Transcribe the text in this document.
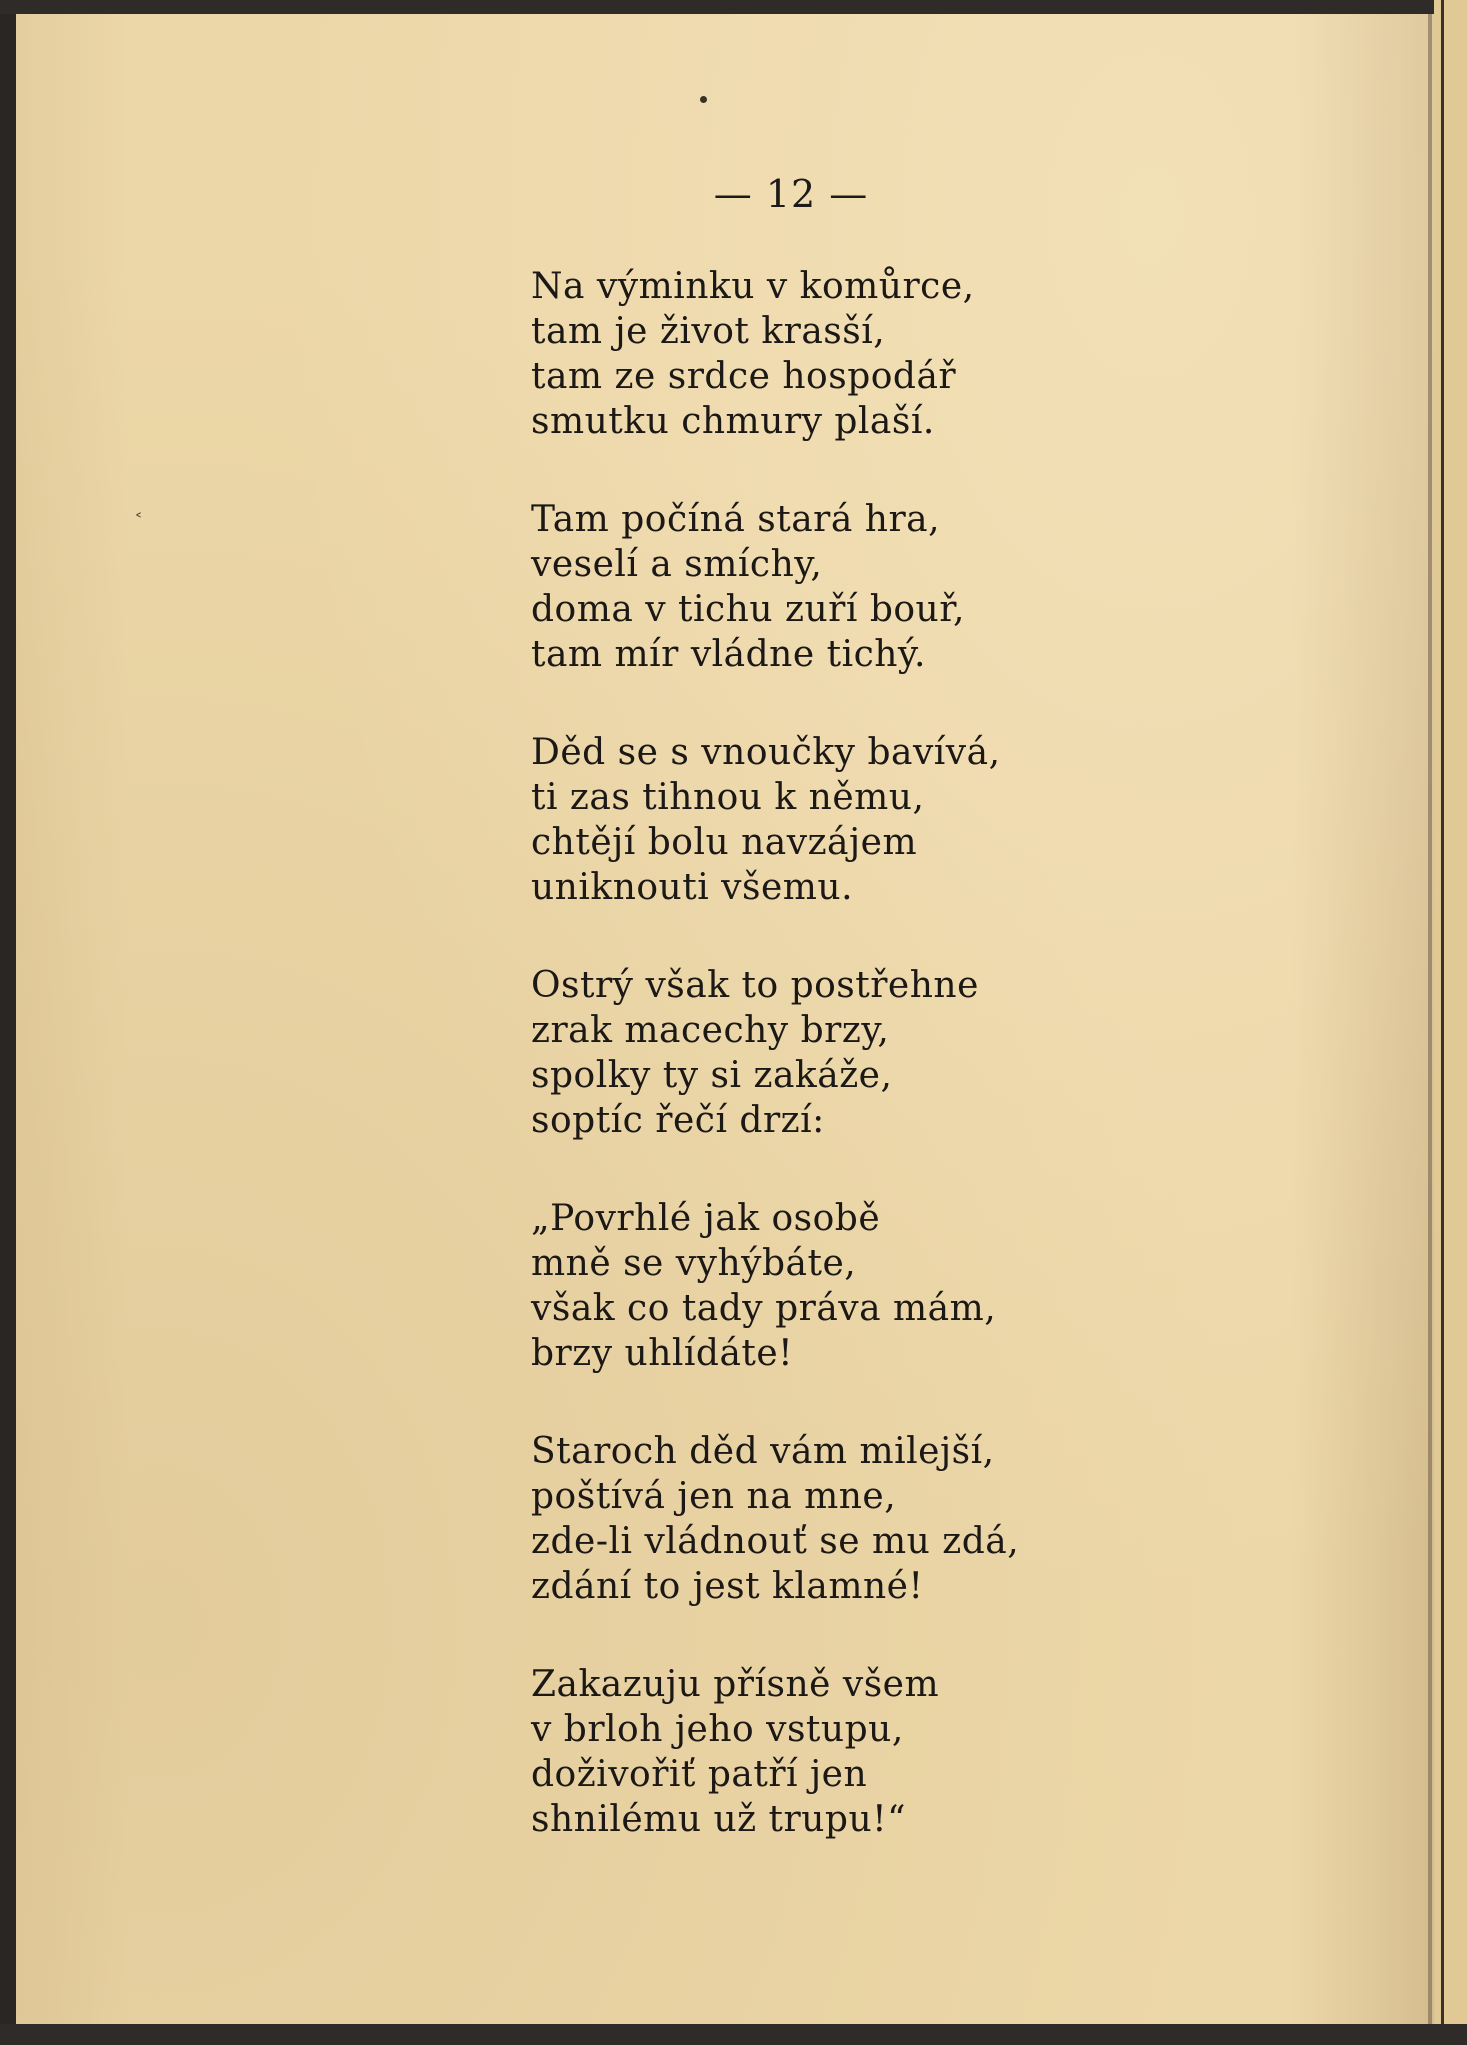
˂
— 12 —
Na výminku v komůrce,
tam je život krasší,
tam ze srdce hospodář
smutku chmury plaší.
Tam počíná stará hra,
veselí a smíchy,
doma v tichu zuří bouř,
tam mír vládne tichý.
Děd se s vnoučky bavívá,
ti zas tihnou k němu,
chtějí bolu navzájem
uniknouti všemu.
Ostrý však to postřehne
zrak macechy brzy,
spolky ty si zakáže,
soptíc řečí drzí:
„Povrhlé jak osobě
mně se vyhýbáte,
však co tady práva mám,
brzy uhlídáte!
Staroch děd vám milejší,
poštívá jen na mne,
zde-li vládnouť se mu zdá,
zdání to jest klamné!
Zakazuju přísně všem
v brloh jeho vstupu,
doživořiť patří jen
shnilému už trupu!“
